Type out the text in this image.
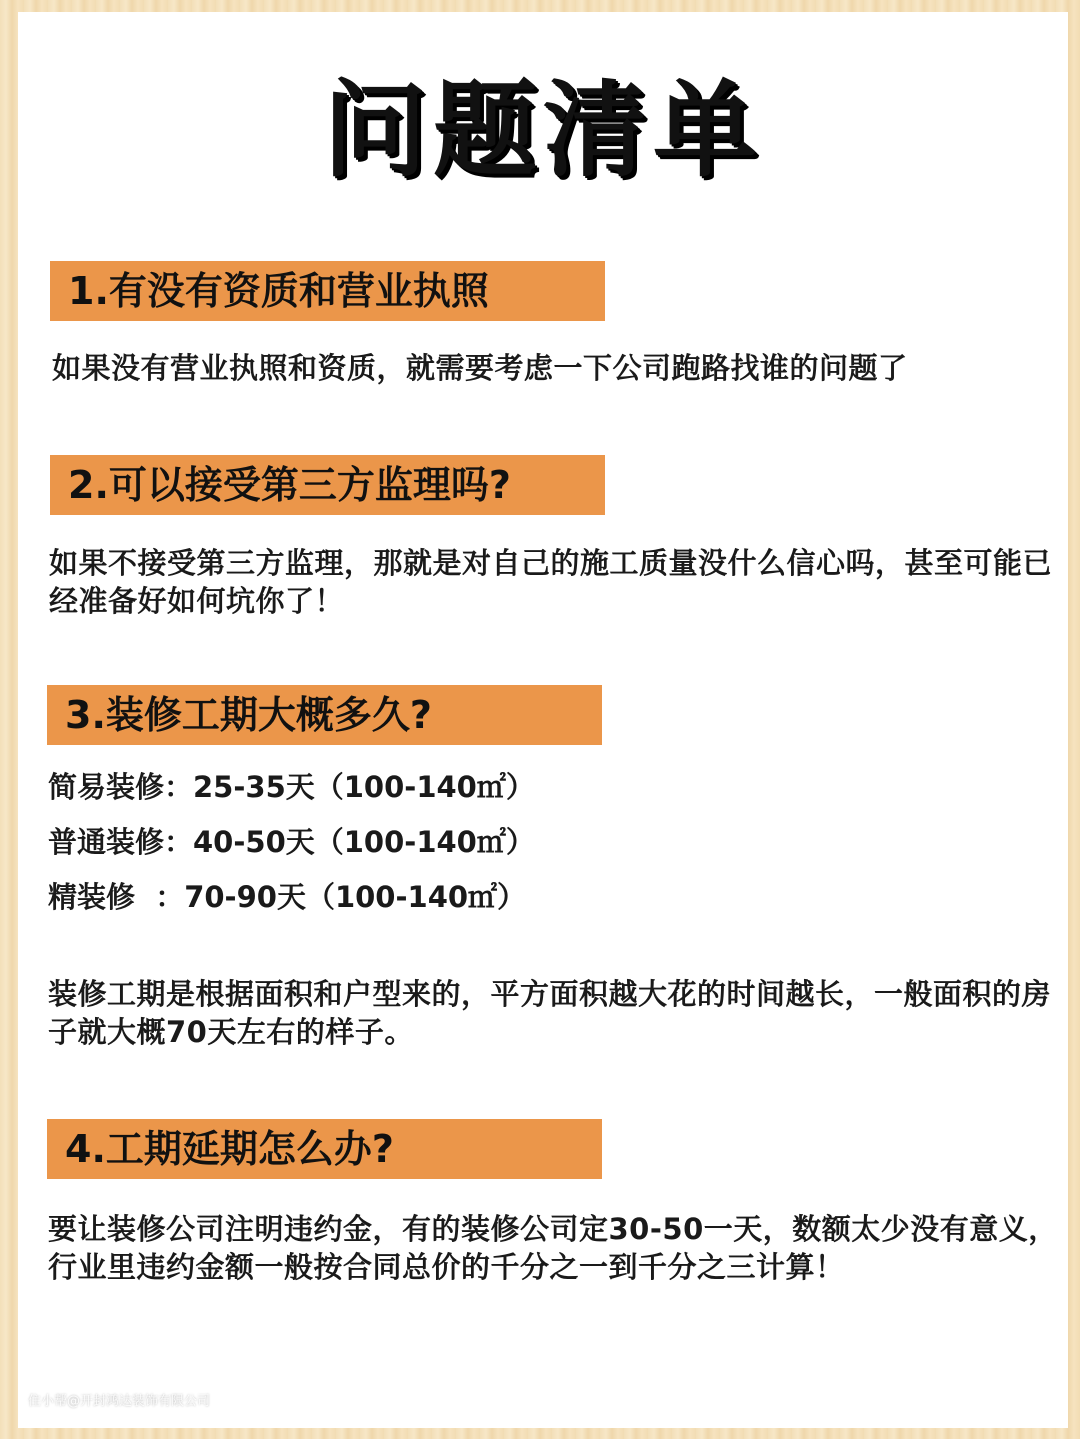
问题清单
1.有没有资质和营业执照
如果没有营业执照和资质，就需要考虑一下公司跑路找谁的问题了
2.可以接受第三方监理吗?
如果不接受第三方监理，那就是对自己的施工质量没什么信心吗，甚至可能已经准备好如何坑你了！
3.装修工期大概多久?
简易装修：25-35天（100-140㎡）
普通装修：40-50天（100-140㎡）
精装修  ：70-90天（100-140㎡）
装修工期是根据面积和户型来的，平方面积越大花的时间越长，一般面积的房子就大概70天左右的样子。
4.工期延期怎么办?
要让装修公司注明违约金，有的装修公司定30-50一天，数额太少没有意义，行业里违约金额一般按合同总价的千分之一到千分之三计算！
住小帮@开封鸿达装饰有限公司
